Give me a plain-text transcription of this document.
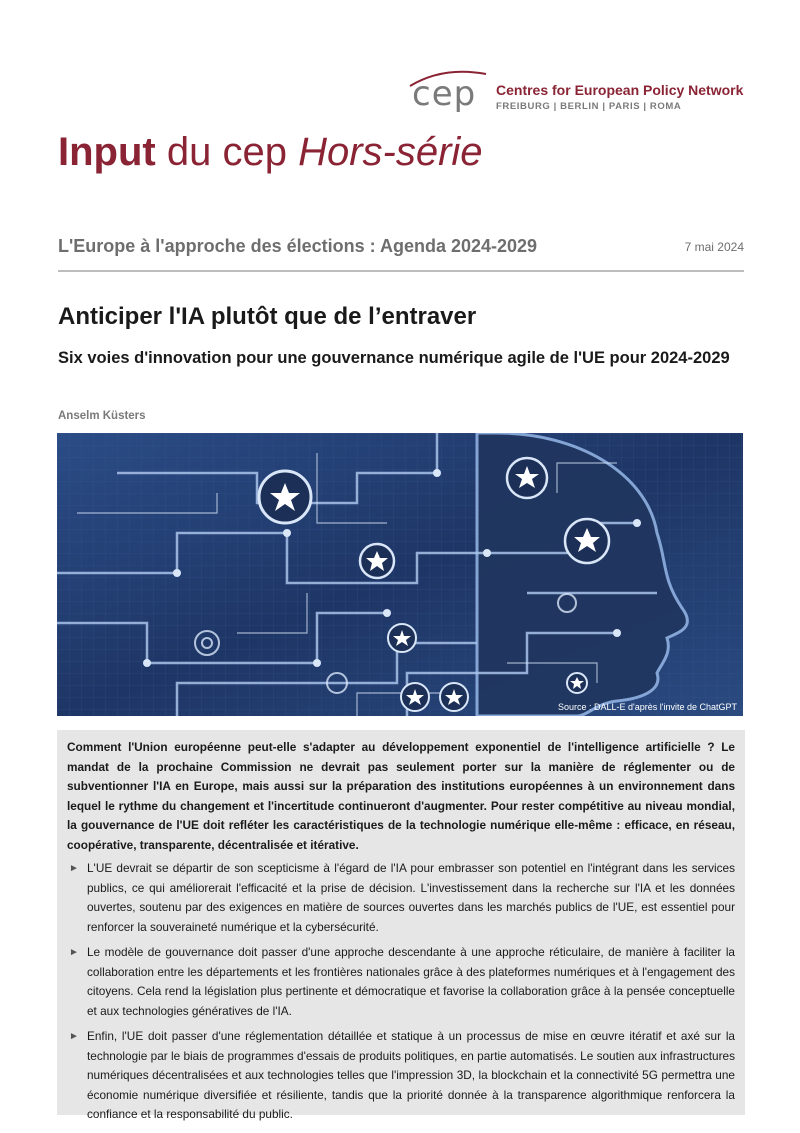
cep Centres for European Policy Network
FREIBURG | BERLIN | PARIS | ROMA
Input du cep Hors-série
L'Europe à l'approche des élections : Agenda 2024-2029	7 mai 2024
Anticiper l'IA plutôt que de l’entraver
Six voies d'innovation pour une gouvernance numérique agile de l'UE pour 2024-2029
Anselm Küsters
Source : DALL-E d'après l'invite de ChatGPT

Comment l'Union européenne peut-elle s'adapter au développement exponentiel de l'intelligence artificielle ? Le mandat de la prochaine Commission ne devrait pas seulement porter sur la manière de réglementer ou de subventionner l'IA en Europe, mais aussi sur la préparation des institutions européennes à un environnement dans lequel le rythme du changement et l'incertitude continueront d'augmenter. Pour rester compétitive au niveau mondial, la gouvernance de l'UE doit refléter les caractéristiques de la technologie numérique elle-même : efficace, en réseau, coopérative, transparente, décentralisée et itérative.

► L'UE devrait se départir de son scepticisme à l'égard de l'IA pour embrasser son potentiel en l'intégrant dans les services publics, ce qui améliorerait l'efficacité et la prise de décision. L'investissement dans la recherche sur l'IA et les données ouvertes, soutenu par des exigences en matière de sources ouvertes dans les marchés publics de l'UE, est essentiel pour renforcer la souveraineté numérique et la cybersécurité.

► Le modèle de gouvernance doit passer d'une approche descendante à une approche réticulaire, de manière à faciliter la collaboration entre les départements et les frontières nationales grâce à des plateformes numériques et à l'engagement des citoyens. Cela rend la législation plus pertinente et démocratique et favorise la collaboration grâce à la pensée conceptuelle et aux technologies génératives de l'IA.

► Enfin, l'UE doit passer d'une réglementation détaillée et statique à un processus de mise en œuvre itératif et axé sur la technologie par le biais de programmes d'essais de produits politiques, en partie automatisés. Le soutien aux infrastructures numériques décentralisées et aux technologies telles que l'impression 3D, la blockchain et la connectivité 5G permettra une économie numérique diversifiée et résiliente, tandis que la priorité donnée à la transparence algorithmique renforcera la confiance et la responsabilité du public.
